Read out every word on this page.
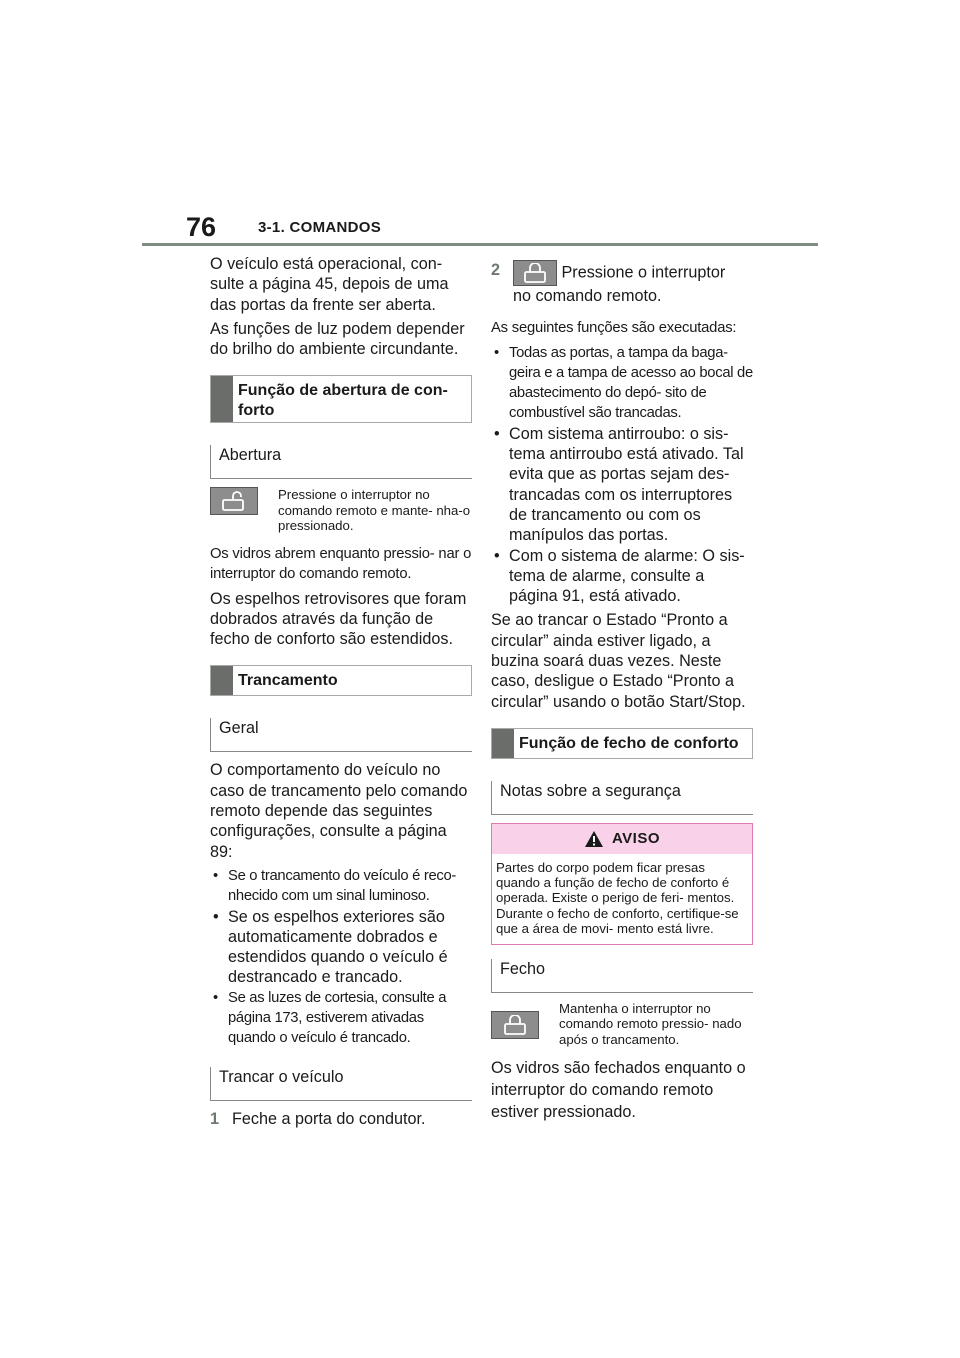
76	3-1. COMANDOS

O veículo está operacional, con- sulte a página 45, depois de uma das portas da frente ser aberta.

As funções de luz podem depender do brilho do ambiente circundante.

Função de abertura de con- forto
Abertura
Pressione o interruptor no comando remoto e mante- nha-o pressionado.

Os vidros abrem enquanto pressio- nar o interruptor do comando remoto.

Os espelhos retrovisores que foram dobrados através da função de fecho de conforto são estendidos.

Trancamento
Geral

O comportamento do veículo no caso de trancamento pelo comando remoto depende das seguintes configurações, consulte a página 89:

• Se o trancamento do veículo é reco- nhecido com um sinal luminoso.
• Se os espelhos exteriores são automaticamente dobrados e estendidos quando o veículo é destrancado e trancado.
• Se as luzes de cortesia, consulte a página 173, estiverem ativadas quando o veículo é trancado.
Trancar o veículo
1 Feche a porta do condutor.
2	Pressione o interruptor
no comando remoto.

As seguintes funções são executadas:

• Todas as portas, a tampa da baga- geira e a tampa de acesso ao bocal de abastecimento do depó- sito de combustível são trancadas.
• Com sistema antirroubo: o sis- tema antirroubo está ativado. Tal evita que as portas sejam des- trancadas com os interruptores de trancamento ou com os manípulos das portas.
• Com o sistema de alarme: O sis- tema de alarme, consulte a página 91, está ativado.

Se ao trancar o Estado “Pronto a circular” ainda estiver ligado, a buzina soará duas vezes. Neste caso, desligue o Estado “Pronto a circular” usando o botão Start/Stop.

Função de fecho de conforto
Notas sobre a segurança
AVISO
Partes do corpo podem ficar presas quando a função de fecho de conforto é operada. Existe o perigo de feri- mentos. Durante o fecho de conforto, certifique-se que a área de movi- mento está livre.
Fecho
Mantenha o interruptor no comando remoto pressio- nado após o trancamento.

Os vidros são fechados enquanto o interruptor do comando remoto estiver pressionado.
